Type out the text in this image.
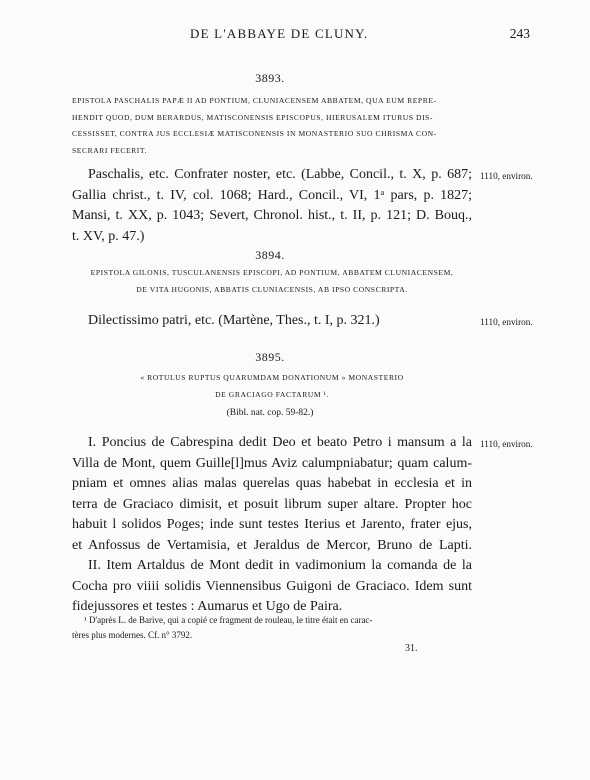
DE L'ABBAYE DE CLUNY.	243
3893.
EPISTOLA PASCHALIS PAPÆ II AD PONTIUM, CLUNIACENSEM ABBATEM, QUA EUM REPRE-
HENDIT QUOD, DUM BERARDUS, MATISCONENSIS EPISCOPUS, HIERUSALEM ITURUS DIS-
CESSISSET, CONTRA JUS ECCLESIÆ MATISCONENSIS IN MONASTERIO SUO CHRISMA CON-
SECRARI FECERIT.
Paschalis, etc. Confrater noster, etc. (Labbe, Concil., t. X, p. 687;
Gallia christ., t. IV, col. 1068; Hard., Concil., VI, 1ᵃ pars, p. 1827;
Mansi, t. XX, p. 1043; Severt, Chronol. hist., t. II, p. 121; D. Bouq.,
t. XV, p. 47.)
1110, environ.
3894.
EPISTOLA GILONIS, TUSCULANENSIS EPISCOPI, AD PONTIUM, ABBATEM CLUNIACENSEM,
DE VITA HUGONIS, ABBATIS CLUNIACENSIS, AB IPSO CONSCRIPTA.
Dilectissimo patri, etc. (Martène, Thes., t. I, p. 321.)	1110, environ.
3895.
« ROTULUS RUPTUS QUARUMDAM DONATIONUM » MONASTERIO
DE GRACIAGO FACTARUM ¹.
(Bibl. nat. cop. 59-82.)
I. Poncius de Cabrespina dedit Deo et beato Petro i mansum a la
Villa de Mont, quem Guille[l]mus Aviz calumpniabatur; quam calum-
pniam et omnes alias malas querelas quas habebat in ecclesia et in
terra de Graciaco dimisit, et posuit librum super altare. Propter hoc
habuit l solidos Poges; inde sunt testes Iterius et Jarento, frater ejus,
et Anfossus de Vertamisia, et Jeraldus de Mercor, Bruno de Lapti.
II. Item Artaldus de Mont dedit in vadimonium la comanda de la
Cocha pro viiii solidis Viennensibus Guigoni de Graciaco. Idem sunt
fidejussores et testes : Aumarus et Ugo de Paira.
1110, environ.
¹ D'après L. de Barive, qui a copié ce fragment de rouleau, le titre était en carac-
tères plus modernes. Cf. n° 3792.
31.
